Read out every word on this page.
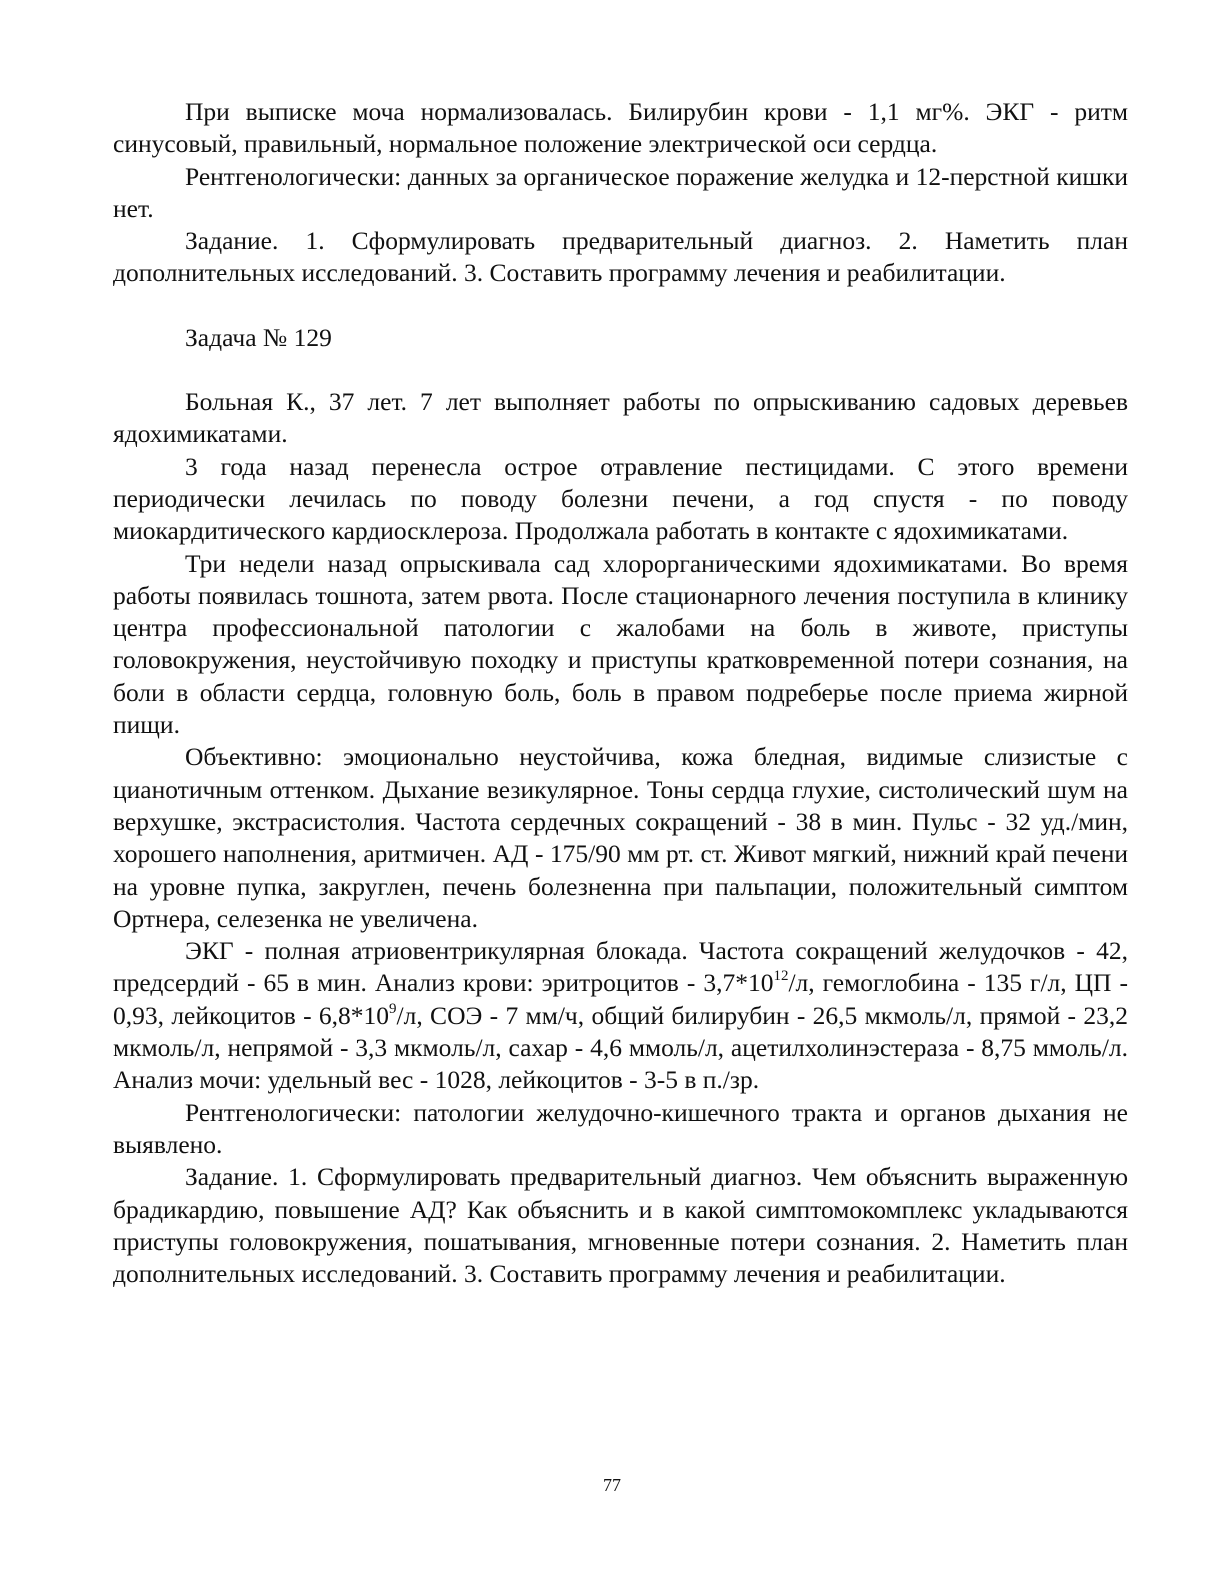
При выписке моча нормализовалась. Билирубин крови - 1,1 мг%. ЭКГ - ритм синусовый, правильный, нормальное положение электрической оси сердца.

Рентгенологически: данных за органическое поражение желудка и 12-перстной кишки нет.

Задание. 1. Сформулировать предварительный диагноз. 2. Наметить план дополнительных исследований. 3. Составить программу лечения и реабилитации.

Задача № 129

Больная К., 37 лет. 7 лет выполняет работы по опрыскиванию садовых деревьев ядохимикатами.

3 года назад перенесла острое отравление пестицидами. С этого времени периодически лечилась по поводу болезни печени, а год спустя - по поводу миокардитического кардиосклероза. Продолжала работать в контакте с ядохимикатами.

Три недели назад опрыскивала сад хлорорганическими ядохимикатами. Во время работы появилась тошнота, затем рвота. После стационарного лечения поступила в клинику центра профессиональной патологии с жалобами на боль в животе, приступы головокружения, неустойчивую походку и приступы кратковременной потери сознания, на боли в области сердца, головную боль, боль в правом подреберье после приема жирной пищи.

Объективно: эмоционально неустойчива, кожа бледная, видимые слизистые с цианотичным оттенком. Дыхание везикулярное. Тоны сердца глухие, систолический шум на верхушке, экстрасистолия. Частота сердечных сокращений - 38 в мин. Пульс - 32 уд./мин, хорошего наполнения, аритмичен. АД - 175/90 мм рт. ст. Живот мягкий, нижний край печени на уровне пупка, закруглен, печень болезненна при пальпации, положительный симптом Ортнера, селезенка не увеличена.

ЭКГ - полная атриовентрикулярная блокада. Частота сокращений желудочков - 42, предсердий - 65 в мин. Анализ крови: эритроцитов - $3,7*10^{12}/л$, гемоглобина - 135 г/л, ЦП - 0,93, лейкоцитов - $6,8*10^9/л$, СОЭ - 7 мм/ч, общий билирубин - 26,5 мкмоль/л, прямой - 23,2 мкмоль/л, непрямой - 3,3 мкмоль/л, сахар - 4,6 ммоль/л, ацетилхолинэстераза - 8,75 ммоль/л. Анализ мочи: удельный вес - 1028, лейкоцитов - 3-5 в п./зр.

Рентгенологически: патологии желудочно-кишечного тракта и органов дыхания не выявлено.

Задание. 1. Сформулировать предварительный диагноз. Чем объяснить выраженную брадикардию, повышение АД? Как объяснить и в какой симптомокомплекс укладываются приступы головокружения, пошатывания, мгновенные потери сознания. 2. Наметить план дополнительных исследований. 3. Составить программу лечения и реабилитации.

77
